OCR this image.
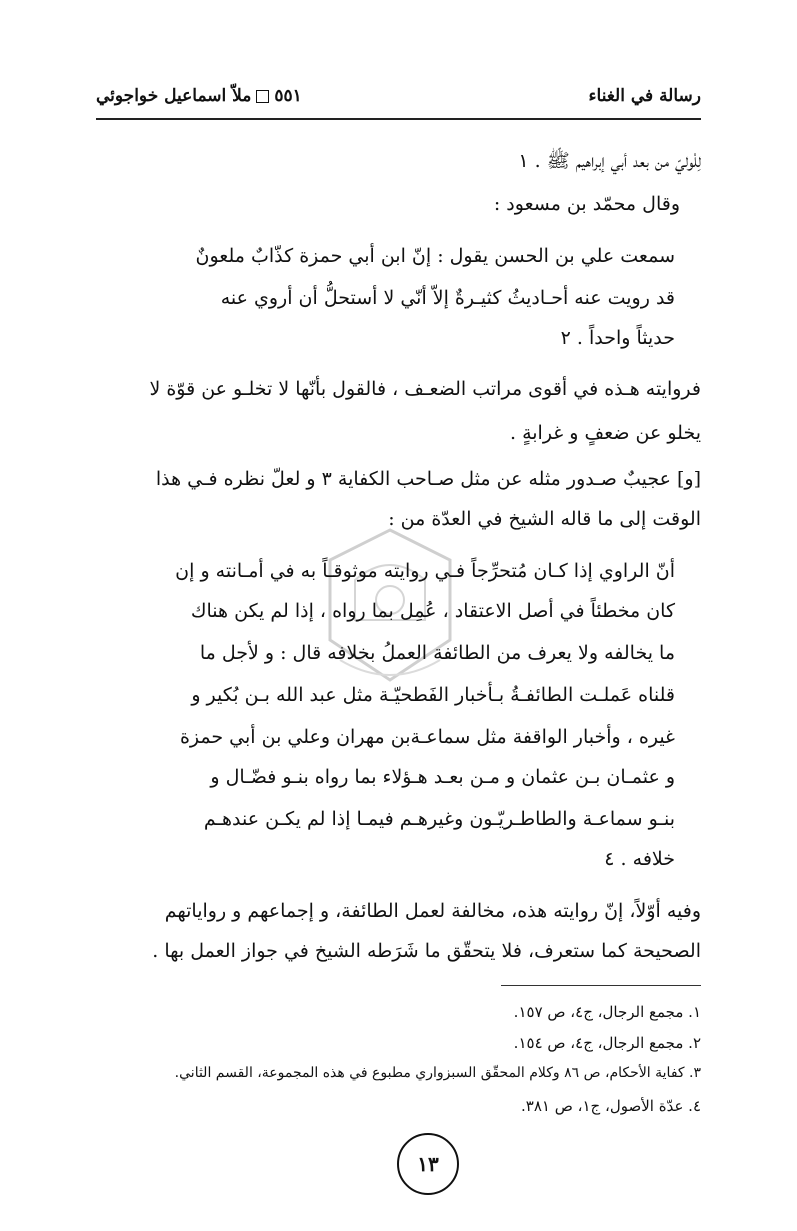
رسالة في الغناء
٥٥١ملاّ اسماعيل خواجوئي
لِلْوليّ من بعد أبي إبراهيم ﷺ . ١
وقال محمّد بن مسعود :
سمعت علي بن الحسن يقول : إنّ ابن أبي حمزة كذّابٌ ملعونٌ
قد رويت عنه أحـاديثُ كثيـرةٌ إلاّ أنّي لا أستحلُّ أن أروي عنه
حديثاً واحداً . ٢
فروايته هـذه في أقوى مراتب الضعـف ، فالقول بأنّها لا تخلـو عن قوّة لا
يخلو عن ضعفٍ و غرابةٍ .
[و] عجيبٌ صـدور مثله عن مثل صـاحب الكفاية ٣ و لعلّ نظره فـي هذا
الوقت إلى ما قاله الشيخ في العدّة من :
أنّ الراوي إذا كـان مُتحرِّجاً فـي روايته موثوقـاً به في أمـانته و إن
كان مخطئاً في أصل الاعتقاد ، عُمِل بما رواه ، إذا لم يكن هناك
ما يخالفه ولا يعرف من الطائفة العملُ بخلافه قال : و لأجل ما
قلناه عَملـت الطائفـةُ بـأخبار الفَطحيّـة مثل عبد الله بـن بُكير و
غيره ، وأخبار الواقفة مثل سماعـةبن مهران وعلي بن أبي حمزة
و عثمـان بـن عثمان و مـن بعـد هـؤلاء بما رواه بنـو فضّـال و
بنـو سماعـة والطاطـريّـون وغيرهـم فيمـا إذا لم يكـن عندهـم
خلافه . ٤
وفيه أوّلاً، إنّ روايته هذه، مخالفة لعمل الطائفة، و إجماعهم و رواياتهم
الصحيحة كما ستعرف، فلا يتحقّق ما شَرَطه الشيخ في جواز العمل بها .
١. مجمع الرجال، ج٤، ص ١٥٧.
٢. مجمع الرجال، ج٤، ص ١٥٤.
٣. كفاية الأحكام، ص ٨٦ وكلام المحقّق السبزواري مطبوع في هذه المجموعة، القسم الثاني.
٤. عدّة الأصول، ج١، ص ٣٨١.
١٣
